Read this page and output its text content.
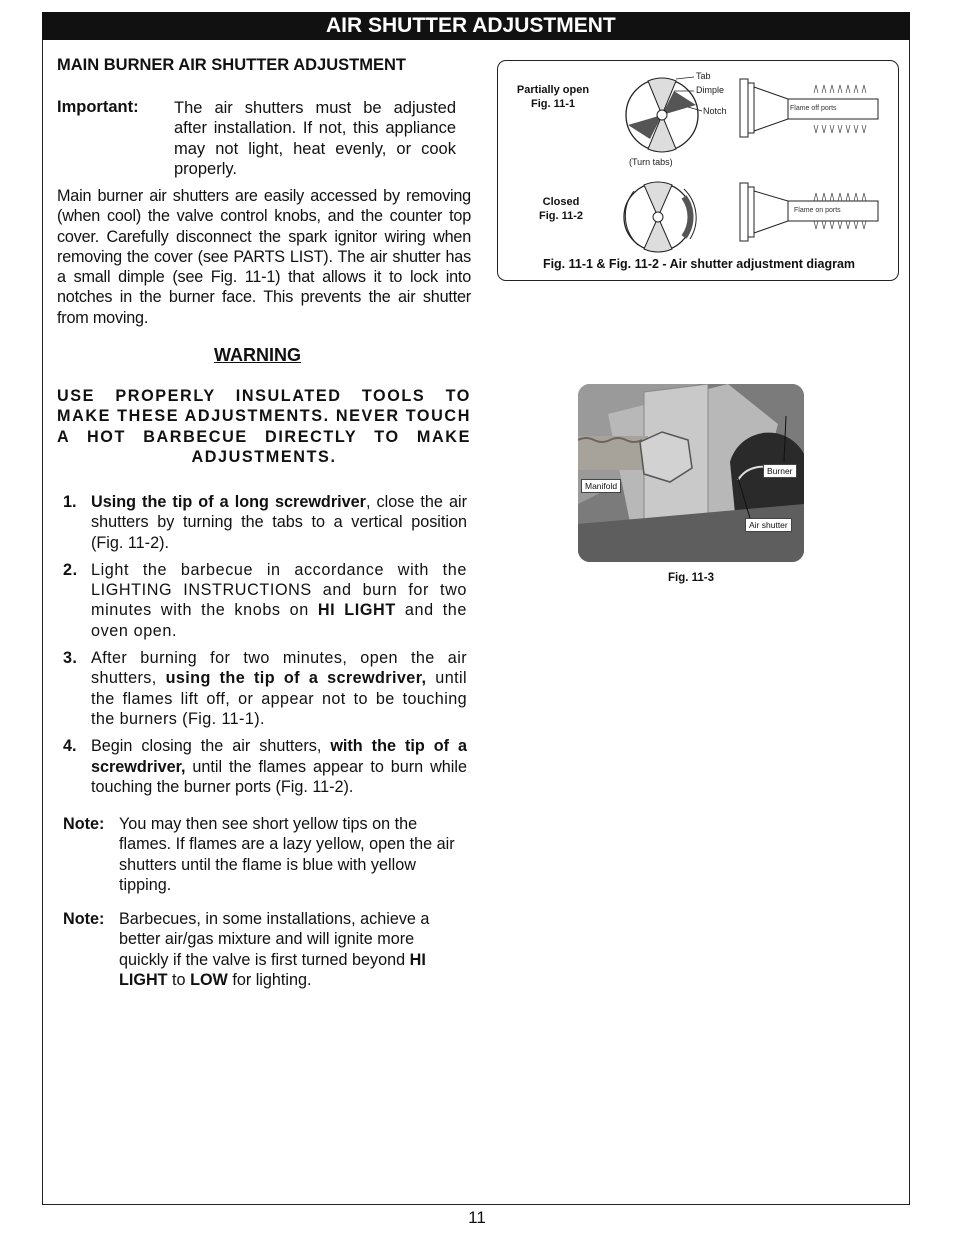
AIR SHUTTER ADJUSTMENT
MAIN BURNER AIR SHUTTER ADJUSTMENT
Important: The air shutters must be adjusted after installation. If not, this appliance may not light, heat evenly, or cook properly.
Main burner air shutters are easily accessed by removing (when cool) the valve control knobs, and the counter top cover. Carefully disconnect the spark ignitor wiring when removing the cover (see PARTS LIST). The air shutter has a small dimple (see Fig. 11-1) that allows it to lock into notches in the burner face. This prevents the air shutter from moving.
WARNING
USE PROPERLY INSULATED TOOLS TO MAKE THESE ADJUSTMENTS. NEVER TOUCH A HOT BARBECUE DIRECTLY TO MAKE ADJUSTMENTS.
1. Using the tip of a long screwdriver, close the air shutters by turning the tabs to a vertical position (Fig. 11-2).
2. Light the barbecue in accordance with the LIGHTING INSTRUCTIONS and burn for two minutes with the knobs on HI LIGHT and the oven open.
3. After burning for two minutes, open the air shutters, using the tip of a screwdriver, until the flames lift off, or appear not to be touching the burners (Fig. 11-1).
4. Begin closing the air shutters, with the tip of a screwdriver, until the flames appear to burn while touching the burner ports (Fig. 11-2).
Note: You may then see short yellow tips on the flames. If flames are a lazy yellow, open the air shutters until the flame is blue with yellow tipping.
Note: Barbecues, in some installations, achieve a better air/gas mixture and will ignite more quickly if the valve is first turned beyond HI LIGHT to LOW for lighting.
Partially open
Fig. 11-1
Closed
Fig. 11-2
Tab
Dimple
Notch
(Turn tabs)
Flame off ports
Flame on ports
Fig. 11-1 & Fig. 11-2 - Air shutter adjustment diagram
Manifold
Burner
Air shutter
Fig. 11-3
11
